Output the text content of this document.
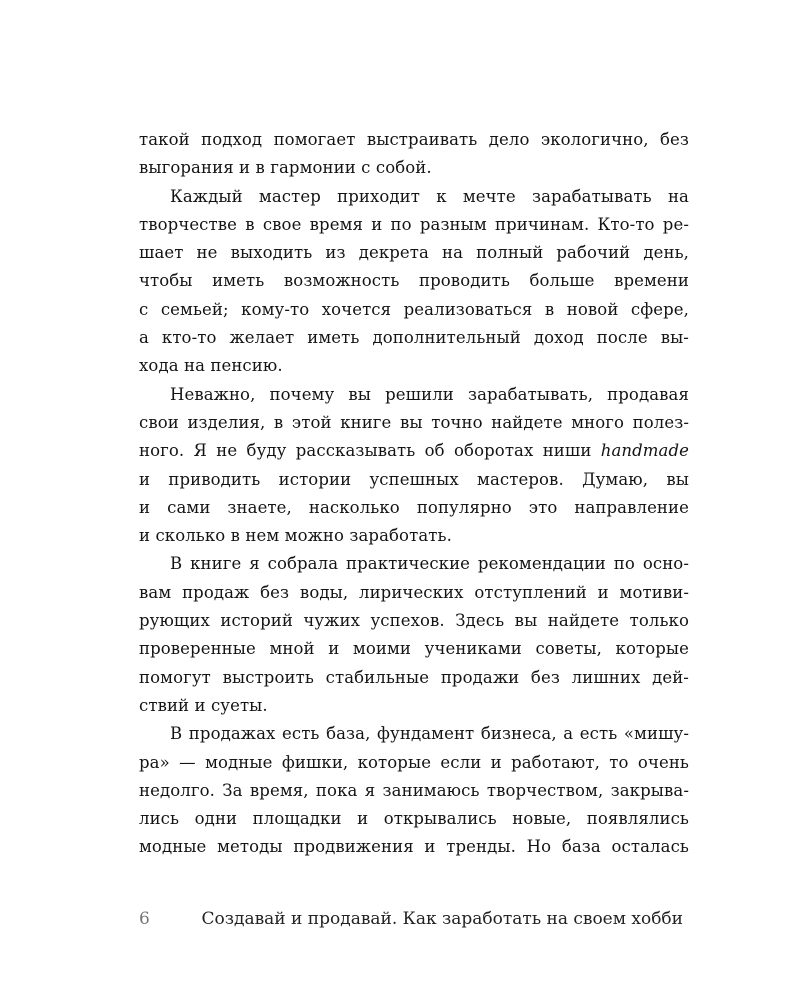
такой подход помогает выстраивать дело экологично, без
выгорания и в гармонии с собой.
Каждый мастер приходит к мечте зарабатывать на
творчестве в свое время и по разным причинам. Кто-то ре-
шает не выходить из декрета на полный рабочий день,
чтобы иметь возможность проводить больше времени
с семьей; кому-то хочется реализоваться в новой сфере,
а кто-то желает иметь дополнительный доход после вы-
хода на пенсию.
Неважно, почему вы решили зарабатывать, продавая
свои изделия, в этой книге вы точно найдете много полез-
ного. Я не буду рассказывать об оборотах ниши handmade
и приводить истории успешных мастеров. Думаю, вы
и сами знаете, насколько популярно это направление
и сколько в нем можно заработать.
В книге я собрала практические рекомендации по осно-
вам продаж без воды, лирических отступлений и мотиви-
рующих историй чужих успехов. Здесь вы найдете только
проверенные мной и моими учениками советы, которые
помогут выстроить стабильные продажи без лишних дей-
ствий и суеты.
В продажах есть база, фундамент бизнеса, а есть «мишу-
ра» — модные фишки, которые если и работают, то очень
недолго. За время, пока я занимаюсь творчеством, закрыва-
лись одни площадки и открывались новые, появлялись
модные методы продвижения и тренды. Но база осталась
6	Создавай и продавай. Как заработать на своем хобби
